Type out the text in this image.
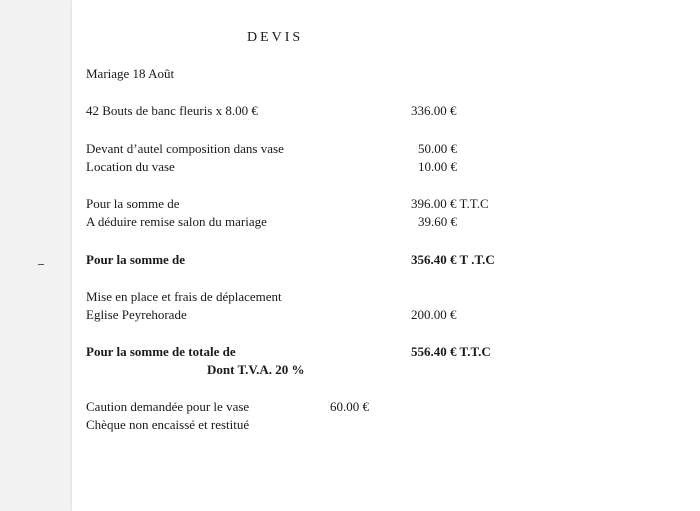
DEVIS
Mariage 18 Août
42 Bouts de banc fleuris x 8.00 €	336.00 €
Devant d’autel composition dans vase	50.00 €
Location du vase	10.00 €
Pour la somme de	396.00 € T.T.C
A déduire remise salon du mariage	39.60 €
Pour la somme de	356.40 € T .T.C
Mise en place et frais de déplacement
Eglise Peyrehorade	200.00 €
Pour la somme de totale de	556.40 € T.T.C
Dont T.V.A. 20 %
Caution demandée pour le vase	60.00 €
Chèque non encaissé et restitué
